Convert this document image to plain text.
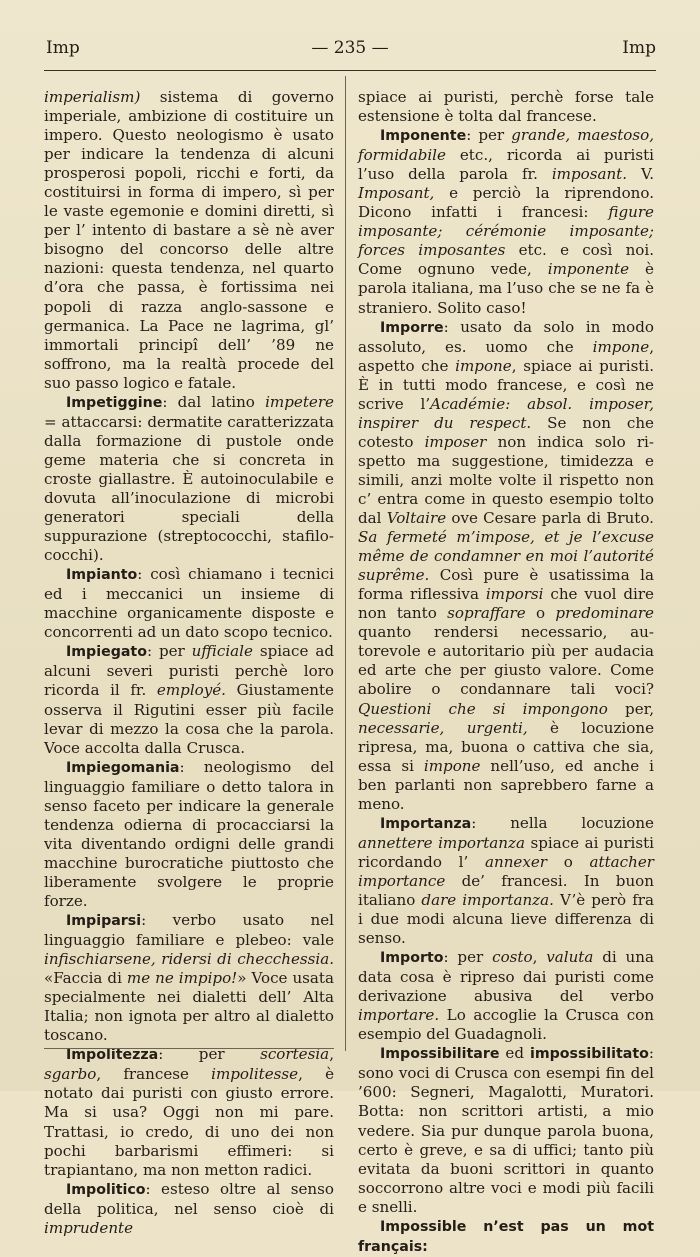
Imp	— 235 —	Imp

imperialism) sistema di governo imperiale, ambizione di costituire un impero. Questo neologismo è usato per indicare la tendenza di alcuni prosperosi popoli, ricchi e forti, da costituirsi in forma di impero, sì per le vaste egemonie e domini diretti, sì per l’ intento di bastare a sè nè aver bisogno del concorso delle altre nazioni: questa tendenza, nel quarto d’ora che passa, è fortissima nei popoli di razza anglo-sassone e germanica. La Pace ne lagrima, gl’ immortali principî dell’ ’89 ne soffrono, ma la realtà procede del suo passo logico e fatale.

Impetiggine: dal latino impetere = attaccarsi: dermatite caratterizzata dalla formazione di pustole onde geme materia che si concreta in croste giallastre. È autoinoculabile e dovuta all’inoculazione di microbi generatori speciali della suppurazione (streptococchi, stafilococchi).

Impianto: così chiamano i tecnici ed i meccanici un insieme di macchine organicamente disposte e concorrenti ad un dato scopo tecnico.

Impiegato: per ufficiale spiace ad alcuni severi puristi perchè loro ricorda il fr. employé. Giustamente osserva il Rigutini esser più facile levar di mezzo la cosa che la parola. Voce accolta dalla Crusca.

Impiegomania: neologismo del linguaggio familiare o detto talora in senso faceto per indicare la generale tendenza odierna di procacciarsi la vita diventando ordigni delle grandi macchine burocratiche piuttosto che liberamente svolgere le proprie forze.

Impiparsi: verbo usato nel linguaggio familiare e plebeo: vale infischiarsene, ridersi di checchessia. «Faccia di me ne impipo!» Voce usata specialmente nei dialetti dell’ Alta Italia; non ignota per altro al dialetto toscano.

Impolitezza: per scortesia, sgarbo, francese impolitesse, è notato dai puristi con giusto errore. Ma si usa? Oggi non mi pare. Trattasi, io credo, di uno dei non pochi barbarismi effimeri: si trapiantano, ma non metton radici.

Impolitico: esteso oltre al senso della politica, nel senso cioè di imprudente

spiace ai puristi, perchè forse tale estensione è tolta dal francese.

Imponente: per grande, maestoso, formidabile etc., ricorda ai puristi l’uso della parola fr. imposant. V. Imposant, e perciò la riprendono. Dicono infatti i francesi: figure imposante; cérémonie imposante; forces imposantes etc. e così noi. Come ognuno vede, imponente è parola italiana, ma l’uso che se ne fa è straniero. Solito caso!

Imporre: usato da solo in modo assoluto, es. uomo che impone, aspetto che impone, spiace ai puristi. È in tutti modo francese, e così ne scrive l’Académie: absol. imposer, inspirer du respect. Se non che cotesto imposer non indica solo rispetto ma suggestione, timidezza e simili, anzi molte volte il rispetto non c’ entra come in questo esempio tolto dal Voltaire ove Cesare parla di Bruto. Sa fermeté m’impose, et je l’excuse même de condamner en moi l’autorité suprême. Così pure è usatissima la forma riflessiva imporsi che vuol dire non tanto sopraffare o predominare quanto rendersi necessario, autorevole e autoritario più per audacia ed arte che per giusto valore. Come abolire o condannare tali voci? Questioni che si impongono per, necessarie, urgenti, è locuzione ripresa, ma, buona o cattiva che sia, essa si impone nell’uso, ed anche i ben parlanti non saprebbero farne a meno.

Importanza: nella locuzione annettere importanza spiace ai puristi ricordando l’ annexer o attacher importance de’ francesi. In buon italiano dare importanza. V’è però fra i due modi alcuna lieve differenza di senso.

Importo: per costo, valuta di una data cosa è ripreso dai puristi come derivazione abusiva del verbo importare. Lo accoglie la Crusca con esempio del Guadagnoli.

Impossibilitare ed impossibilitato: sono voci di Crusca con esempi fin del ’600: Segneri, Magalotti, Muratori. Botta: non scrittori artisti, a mio vedere. Sia pur dunque parola buona, certo è greve, e sa di uffici; tanto più evitata da buoni scrittori in quanto soccorrono altre voci e modi più facili e snelli.

Impossible n’est pas un mot français:
